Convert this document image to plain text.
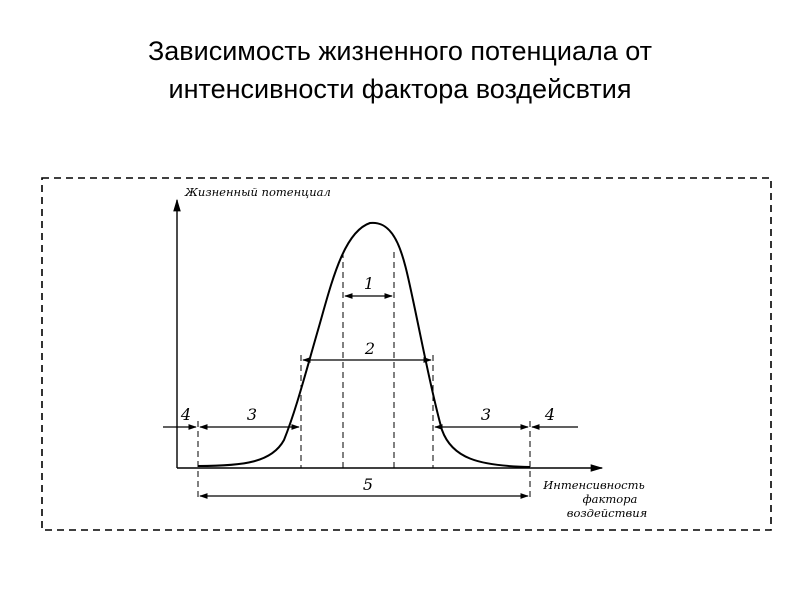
Зависимость жизненного потенциала от
интенсивности фактора воздейсвтия
Жизненный потенциал
Интенсивность
фактора
воздействия
1
2
4	3	3	4
5
